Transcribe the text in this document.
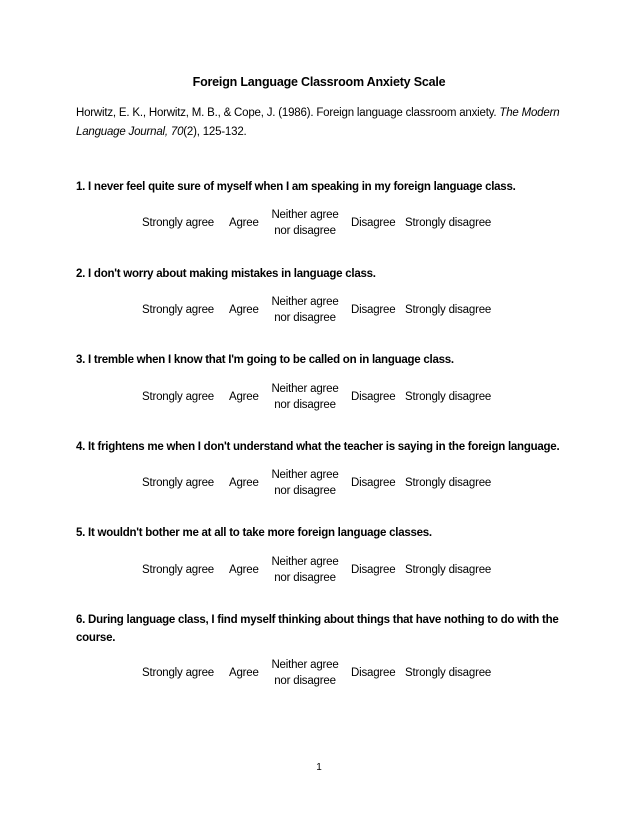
Foreign Language Classroom Anxiety Scale
Horwitz, E. K., Horwitz, M. B., & Cope, J. (1986). Foreign language classroom anxiety. The Modern Language Journal, 70(2), 125-132.
1. I never feel quite sure of myself when I am speaking in my foreign language class.
Strongly agree Agree
Neither agree
nor disagree
Disagree Strongly disagree
2. I don't worry about making mistakes in language class.
Strongly agree Agree
Neither agree
nor disagree
Disagree Strongly disagree
3. I tremble when I know that I'm going to be called on in language class.
Strongly agree Agree
Neither agree
nor disagree
Disagree Strongly disagree
4. It frightens me when I don't understand what the teacher is saying in the foreign language.
Strongly agree Agree
Neither agree
nor disagree
Disagree Strongly disagree
5. It wouldn't bother me at all to take more foreign language classes.
Strongly agree Agree
Neither agree
nor disagree
Disagree Strongly disagree
6. During language class, I find myself thinking about things that have nothing to do with the course.
Strongly agree Agree
Neither agree
nor disagree
Disagree Strongly disagree
1
